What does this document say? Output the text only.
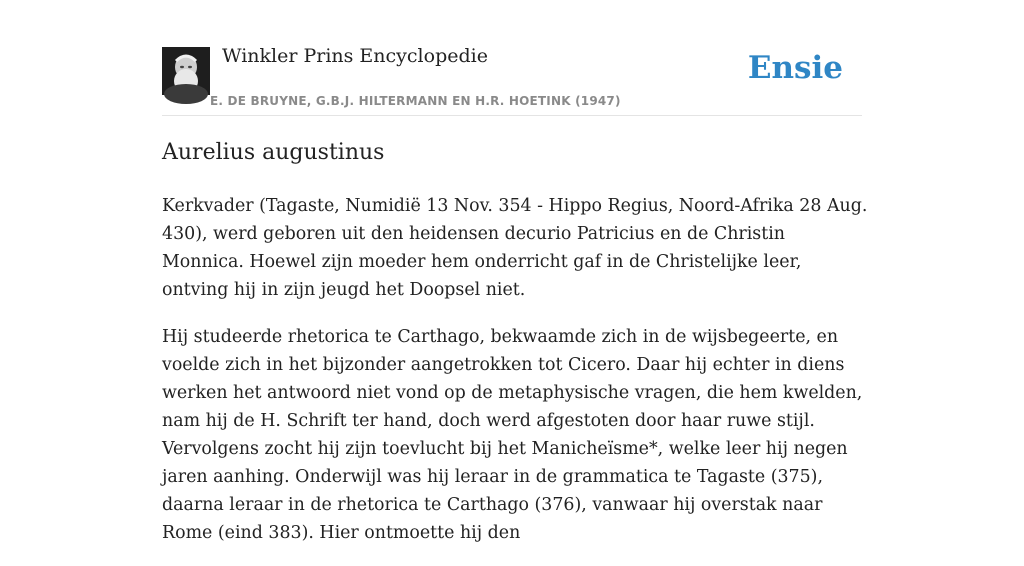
Winkler Prins Encyclopedie
E. DE BRUYNE, G.B.J. HILTERMANN EN H.R. HOETINK (1947)
Ensie
Aurelius augustinus

Kerkvader (Tagaste, Numidië 13 Nov. 354 - Hippo Regius, Noord-Afrika 28 Aug. 430), werd geboren uit den heidensen decurio Patricius en de Christin Monnica. Hoewel zijn moeder hem onderricht gaf in de Christelijke leer, ontving hij in zijn jeugd het Doopsel niet.

Hij studeerde rhetorica te Carthago, bekwaamde zich in de wijsbegeerte, en voelde zich in het bijzonder aangetrokken tot Cicero. Daar hij echter in diens werken het antwoord niet vond op de metaphysische vragen, die hem kwelden, nam hij de H. Schrift ter hand, doch werd afgestoten door haar ruwe stijl. Vervolgens zocht hij zijn toevlucht bij het Manicheïsme*, welke leer hij negen jaren aanhing. Onderwijl was hij leraar in de grammatica te Tagaste (375), daarna leraar in de rhetorica te Carthago (376), vanwaar hij overstak naar Rome (eind 383). Hier ontmoette hij den
